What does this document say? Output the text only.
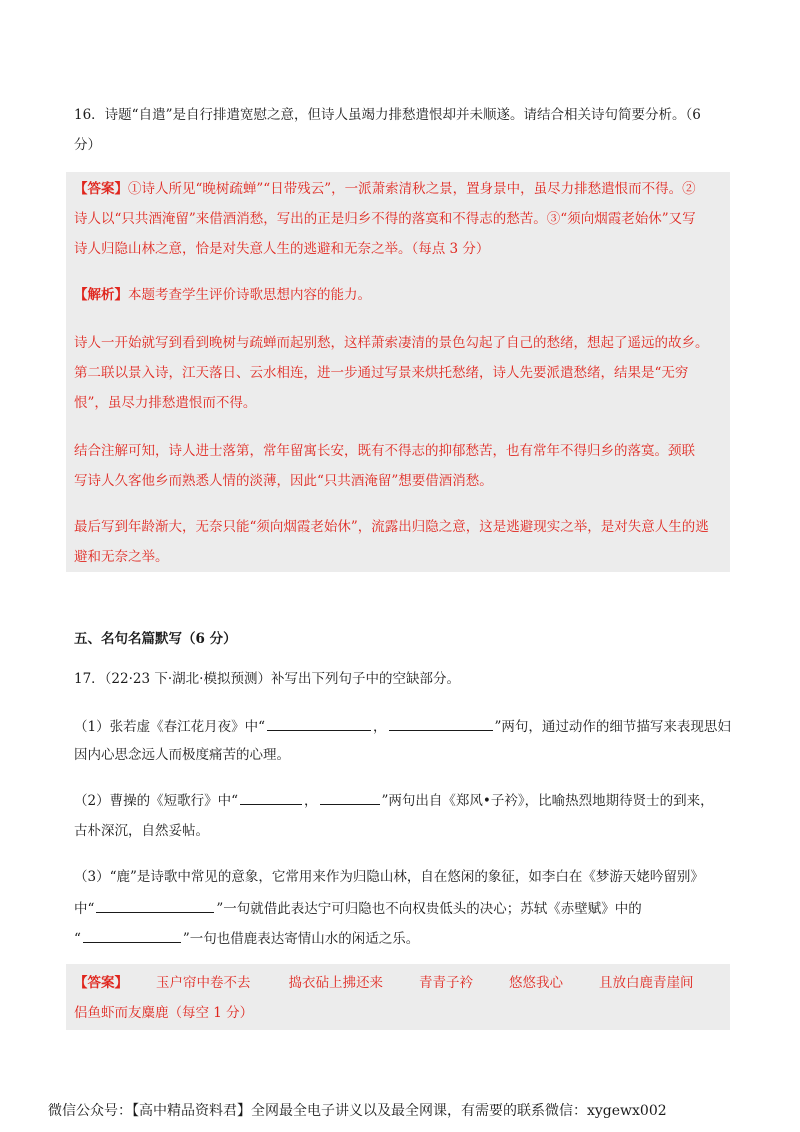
16．诗题“自遣”是自行排遣宽慰之意，但诗人虽竭力排愁遣恨却并未顺遂。请结合相关诗句简要分析。（6
分）
【答案】①诗人所见“晚树疏蝉”“日带残云”，一派萧索清秋之景，置身景中，虽尽力排愁遣恨而不得。②
诗人以“只共酒淹留”来借酒消愁，写出的正是归乡不得的落寞和不得志的愁苦。③“须向烟霞老始休”又写
诗人归隐山林之意，恰是对失意人生的逃避和无奈之举。（每点 3 分）
【解析】本题考查学生评价诗歌思想内容的能力。
诗人一开始就写到看到晚树与疏蝉而起别愁，这样萧索凄清的景色勾起了自己的愁绪，想起了遥远的故乡。
第二联以景入诗，江天落日、云水相连，进一步通过写景来烘托愁绪，诗人先要派遣愁绪，结果是“无穷
恨”，虽尽力排愁遣恨而不得。
结合注解可知，诗人进士落第，常年留寓长安，既有不得志的抑郁愁苦，也有常年不得归乡的落寞。颈联
写诗人久客他乡而熟悉人情的淡薄，因此“只共酒淹留”想要借酒消愁。
最后写到年龄渐大，无奈只能“须向烟霞老始休”，流露出归隐之意，这是逃避现实之举，是对失意人生的逃
避和无奈之举。
五、名句名篇默写（6 分）
17．（22·23 下·湖北·模拟预测）补写出下列句子中的空缺部分。
（1）张若虚《春江花月夜》中“	，	”两句，通过动作的细节描写来表现思妇
因内心思念远人而极度痛苦的心理。
（2）曹操的《短歌行》中“	，	”两句出自《郑风•子衿》，比喻热烈地期待贤士的到来，
古朴深沉，自然妥帖。
（3）“鹿”是诗歌中常见的意象，它常用来作为归隐山林，自在悠闲的象征，如李白在《梦游天姥吟留别》
中“	”一句就借此表达宁可归隐也不向权贵低头的决心；苏轼《赤壁赋》中的
“	”一句也借鹿表达寄情山水的闲适之乐。
【答案】 玉户帘中卷不去	捣衣砧上拂还来	青青子衿	悠悠我心	且放白鹿青崖间
侣鱼虾而友麋鹿（每空 1 分）
微信公众号：【高中精品资料君】全网最全电子讲义以及最全网课，有需要的联系微信：xygewx002
